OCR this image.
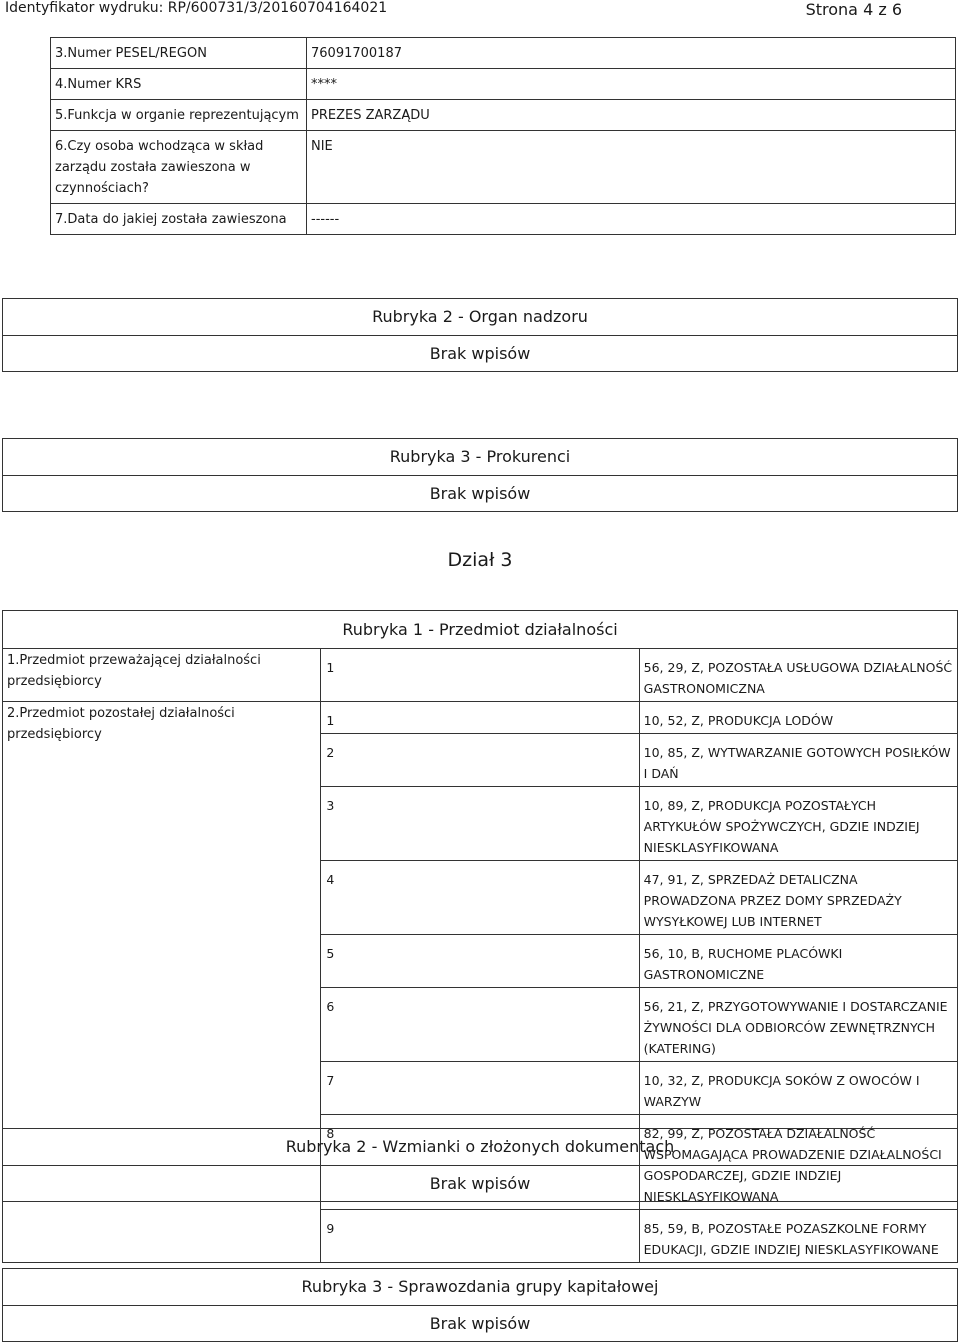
Identyfikator wydruku: RP/600731/3/20160704164021	Strona 4 z 6
3.Numer PESEL/REGON	76091700187
4.Numer KRS	****
5.Funkcja w organie reprezentującym	PREZES ZARZĄDU
6.Czy osoba wchodząca w skład zarządu została zawieszona w czynnościach?	NIE
7.Data do jakiej została zawieszona	------
Rubryka 2 - Organ nadzoru
Brak wpisów
Rubryka 3 - Prokurenci
Brak wpisów
Dział 3
Rubryka 1 - Przedmiot działalności		
1.Przedmiot przeważającej działalności przedsiębiorcy	1	56, 29, Z, POZOSTAŁA USŁUGOWA DZIAŁALNOŚĆ GASTRONOMICZNA
2.Przedmiot pozostałej działalności przedsiębiorcy	1	10, 52, Z, PRODUKCJA LODÓW
	2	10, 85, Z, WYTWARZANIE GOTOWYCH POSIŁKÓW I DAŃ
	3	10, 89, Z, PRODUKCJA POZOSTAŁYCH ARTYKUŁÓW SPOŻYWCZYCH, GDZIE INDZIEJ NIESKLASYFIKOWANA
	4	47, 91, Z, SPRZEDAŻ DETALICZNA PROWADZONA PRZEZ DOMY SPRZEDAŻY WYSYŁKOWEJ LUB INTERNET
	5	56, 10, B, RUCHOME PLACÓWKI GASTRONOMICZNE
	6	56, 21, Z, PRZYGOTOWYWANIE I DOSTARCZANIE ŻYWNOŚCI DLA ODBIORCÓW ZEWNĘTRZNYCH (KATERING)
	7	10, 32, Z, PRODUKCJA SOKÓW Z OWOCÓW I WARZYW
	8	82, 99, Z, POZOSTAŁA DZIAŁALNOŚĆ WSPOMAGAJĄCA PROWADZENIE DZIAŁALNOŚCI GOSPODARCZEJ, GDZIE INDZIEJ NIESKLASYFIKOWANA
	9	85, 59, B, POZOSTAŁE POZASZKOLNE FORMY EDUKACJI, GDZIE INDZIEJ NIESKLASYFIKOWANE
Rubryka 2 - Wzmianki o złożonych dokumentach
Brak wpisów
Rubryka 3 - Sprawozdania grupy kapitałowej
Brak wpisów
